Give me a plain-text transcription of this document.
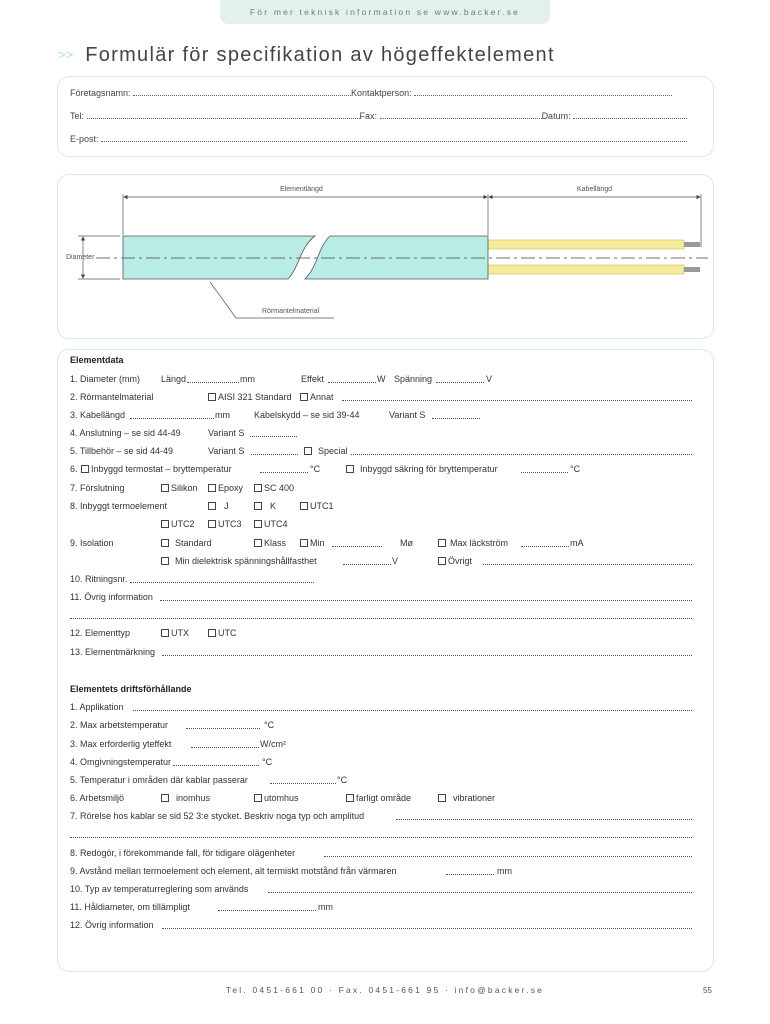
För mer teknisk information se www.backer.se
>> Formulär för specifikation av högeffektelement
Företagsnamn:	Kontaktperson:
Tel:	Fax:	Datum:
E-post:
Elementlängd	Kabellängd
Diameter
Rörmantelmaterial
Elementdata
1. Diameter (mm) Längd	mm	Effekt	W Spänning	V
2. Rörmantelmaterial	AISI 321 Standard	Annat
3. Kabellängd	mm	Kabelskydd – se sid 39-44	Variant S
4. Anslutning – se sid 44-49	Variant S
5. Tillbehör – se sid 44-49	Variant S	Special
6.	Inbyggd termostat – bryttemperatur	°C	Inbyggd säkring för bryttemperatur	°C
7. Förslutning	Silikon	Epoxy	SC 400
8. Inbyggt termoelement	J	K	UTC1
UTC2	UTC3	UTC4
9. Isolation	Standard	Klass	Min	Mø	Max läckström	mA
Min dielektrisk spänningshållfasthet	V	Övrigt
10. Ritningsnr.
11. Övrig information
12. Elementtyp	UTX	UTC
13. Elementmärkning
Elementets driftsförhållande
1. Applikation
2. Max arbetstemperatur	°C
3. Max erforderlig yteffekt	W/cm²
4. Omgivningstemperatur	°C
5. Temperatur i områden där kablar passerar	°C
6. Arbetsmiljö	inomhus	utomhus	farligt område	vibrationer
7. Rörelse hos kablar se sid 52 3:e stycket. Beskriv noga typ och amplitud
8. Redogör, i förekommande fall, för tidigare olägenheter
9. Avstånd mellan termoelement och element, alt termiskt motstånd från värmaren	mm
10. Typ av temperaturreglering som används
11. Håldiameter, om tillämpligt	mm
12. Övrig information
Tel. 0451-661 00 · Fax. 0451-661 95 · info@backer.se	55
